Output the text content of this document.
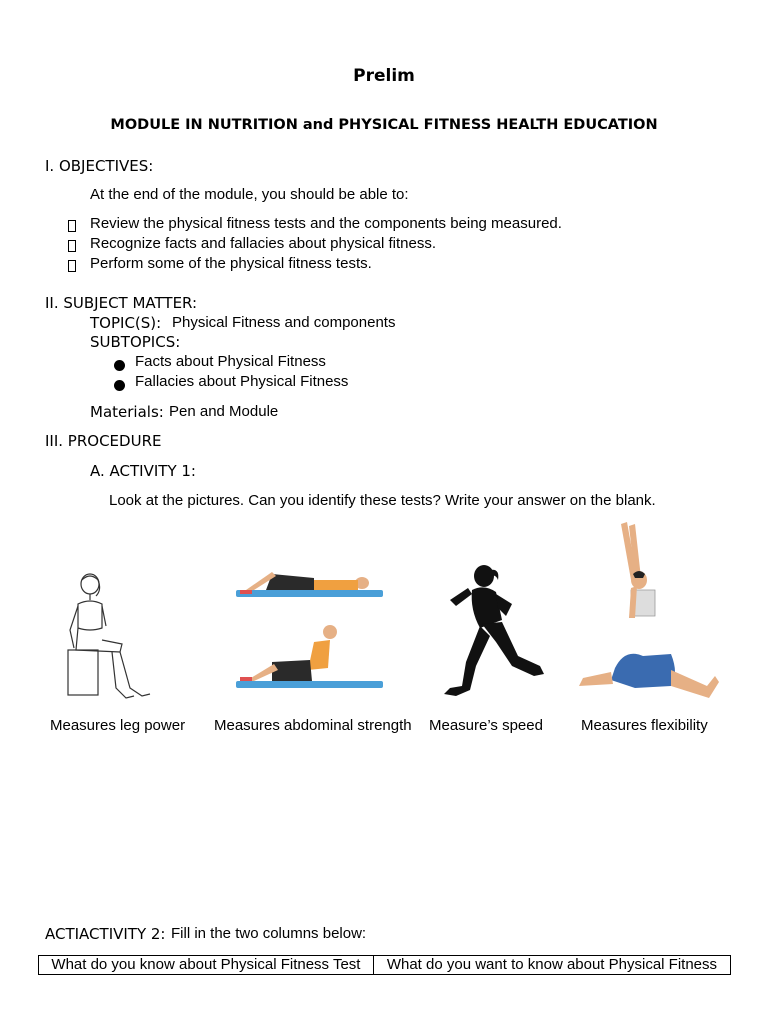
Prelim
MODULE IN NUTRITION and PHYSICAL FITNESS HEALTH EDUCATION
I. OBJECTIVES:
At the end of the module, you should be able to:
Review the physical fitness tests and the components being measured.
Recognize facts and fallacies about physical fitness.
Perform some of the physical fitness tests.
II. SUBJECT MATTER:
TOPIC(S): Physical Fitness and components
SUBTOPICS:
Facts about Physical Fitness
Fallacies about Physical Fitness
Materials: Pen and Module
III. PROCEDURE
A. ACTIVITY 1:
Look at the pictures. Can you identify these tests? Write your answer on the blank.
Measures leg power Measures abdominal strength Measure’s speed	Measures flexibility
ACTIACTIVITY 2: Fill in the two columns below:
What do you know about Physical Fitness Test	What do you want to know about Physical Fitness
